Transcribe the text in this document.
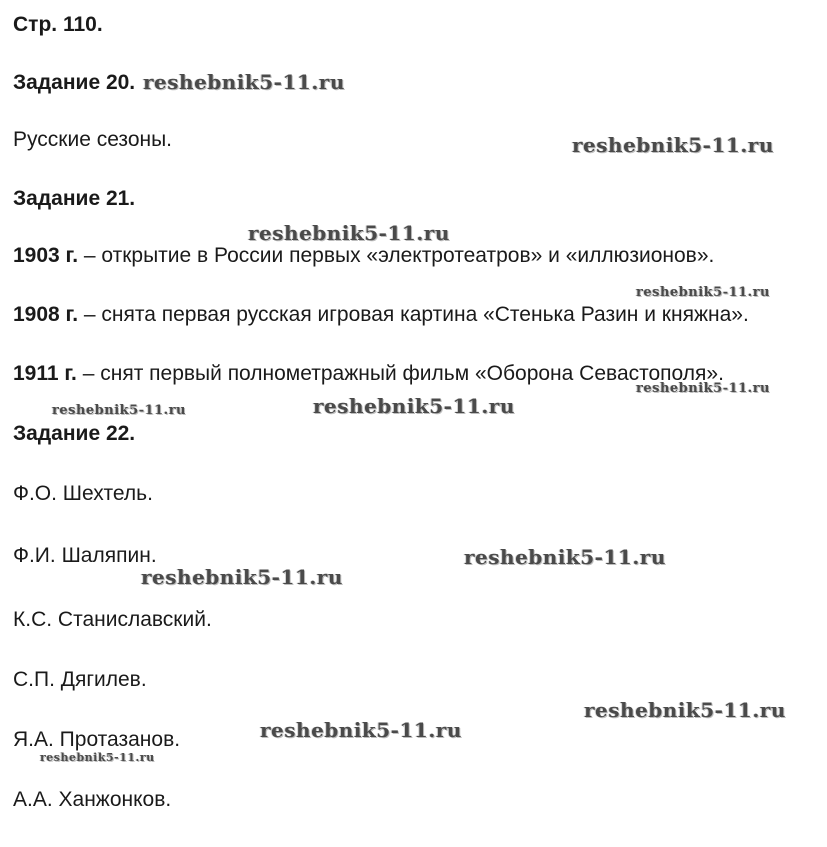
Стр. 110.
Задание 20.
Русские сезоны.
Задание 21.
1903 г. – открытие в России первых «электротеатров» и «иллюзионов».
1908 г. – снята первая русская игровая картина «Стенька Разин и княжна».
1911 г. – снят первый полнометражный фильм «Оборона Севастополя».
Задание 22.
Ф.О. Шехтель.
Ф.И. Шаляпин.
К.С. Станиславский.
С.П. Дягилев.
Я.А. Протазанов.
А.А. Ханжонков.
reshebnik5-11.ru
reshebnik5-11.ru
reshebnik5-11.ru
reshebnik5-11.ru
reshebnik5-11.ru
reshebnik5-11.ru	reshebnik5-11.ru
reshebnik5-11.ru
reshebnik5-11.ru
reshebnik5-11.ru
reshebnik5-11.ru
reshebnik5-11.ru
